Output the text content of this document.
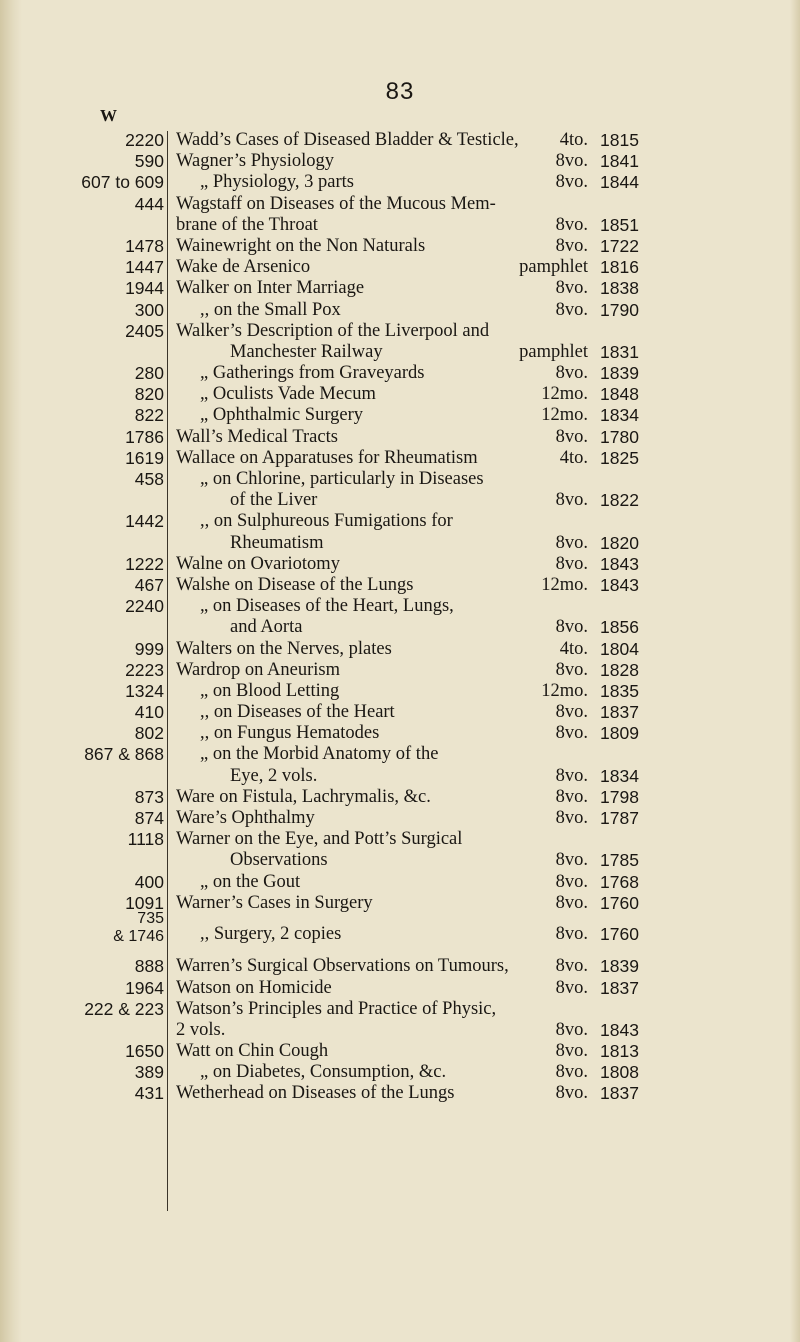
83
W
2220 Wadd’s Cases of Diseased Bladder & Testicle,	4to. 1815
590 Wagner’s Physiology	8vo. 1841
607 to 609 „ Physiology, 3 parts	8vo. 1844
444 Wagstaff on Diseases of the Mucous Mem-
brane of the Throat	8vo. 1851
1478 Wainewright on the Non Naturals	8vo. 1722
1447 Wake de Arsenico	pamphlet 1816
1944 Walker on Inter Marriage	8vo. 1838
300 ,, on the Small Pox	8vo. 1790
2405 Walker’s Description of the Liverpool and
Manchester Railway	pamphlet 1831
280 „ Gatherings from Graveyards	8vo. 1839
820 „ Oculists Vade Mecum	12mo. 1848
822 „ Ophthalmic Surgery	12mo. 1834
1786 Wall’s Medical Tracts	8vo. 1780
1619 Wallace on Apparatuses for Rheumatism	4to. 1825
458 „ on Chlorine, particularly in Diseases
of the Liver	8vo. 1822
1442 ,, on Sulphureous Fumigations for
Rheumatism	8vo. 1820
1222 Walne on Ovariotomy	8vo. 1843
467 Walshe on Disease of the Lungs	12mo. 1843
2240 „ on Diseases of the Heart, Lungs,
and Aorta	8vo. 1856
999 Walters on the Nerves, plates	4to. 1804
2223 Wardrop on Aneurism	8vo. 1828
1324 „ on Blood Letting	12mo. 1835
410 ,, on Diseases of the Heart	8vo. 1837
802 ,, on Fungus Hematodes	8vo. 1809
867 & 868 „ on the Morbid Anatomy of the
Eye, 2 vols.	8vo. 1834
873 Ware on Fistula, Lachrymalis, &c.	8vo. 1798
874 Ware’s Ophthalmy	8vo. 1787
1118 Warner on the Eye, and Pott’s Surgical
Observations	8vo. 1785
400 „ on the Gout	8vo. 1768
1091 Warner’s Cases in Surgery	8vo. 1760
735
& 1746 ,, Surgery, 2 copies	8vo. 1760
888 Warren’s Surgical Observations on Tumours,	8vo. 1839
1964 Watson on Homicide	8vo. 1837
222 & 223 Watson’s Principles and Practice of Physic,
2 vols.	8vo. 1843
1650 Watt on Chin Cough	8vo. 1813
389 „ on Diabetes, Consumption, &c.	8vo. 1808
431 Wetherhead on Diseases of the Lungs	8vo. 1837
